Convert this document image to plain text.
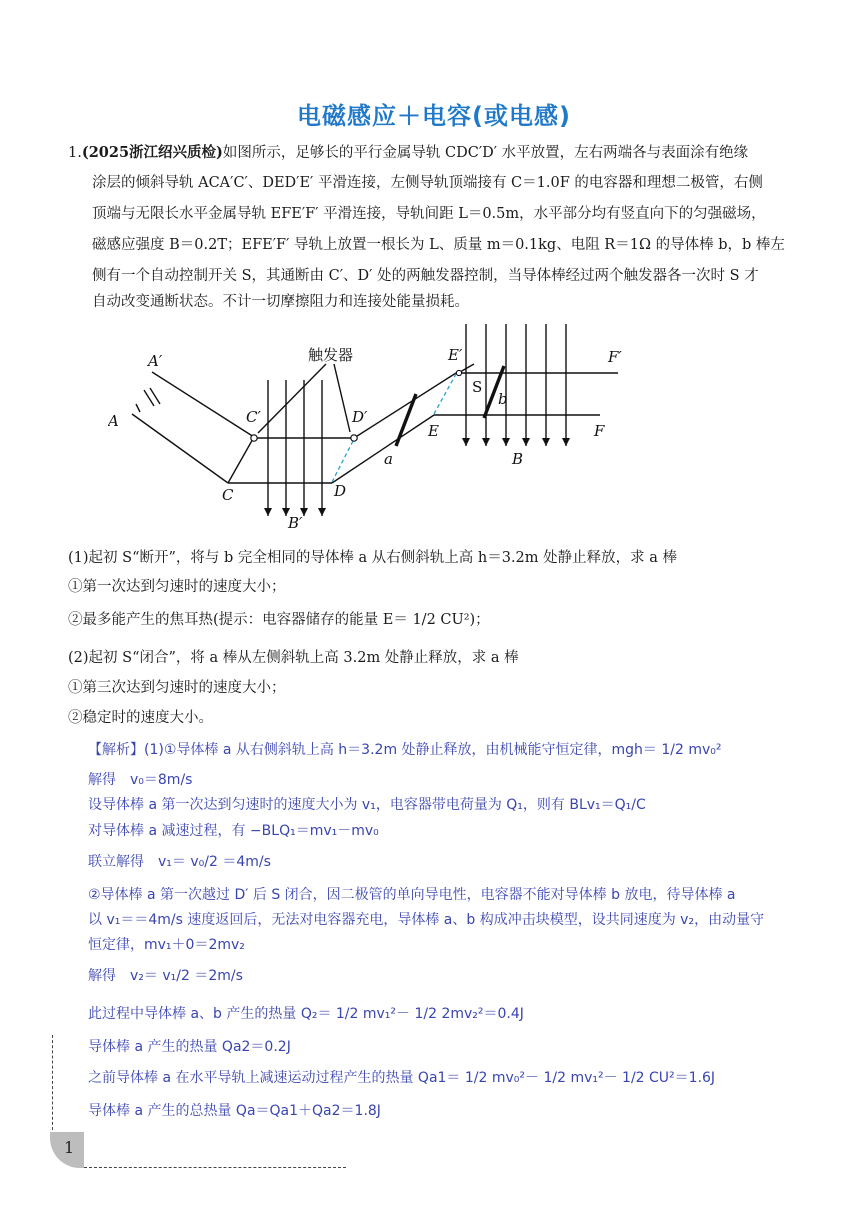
电磁感应＋电容(或电感)
1.(2025浙江绍兴质检)如图所示，足够长的平行金属导轨 CDC′D′ 水平放置，左右两端各与表面涂有绝缘
涂层的倾斜导轨 ACA′C′、DED′E′ 平滑连接，左侧导轨顶端接有 C＝1.0F 的电容器和理想二极管，右侧
顶端与无限长水平金属导轨 EFE′F′ 平滑连接，导轨间距 L＝0.5m，水平部分均有竖直向下的匀强磁场，
磁感应强度 B＝0.2T；EFE′F′ 导轨上放置一根长为 L、质量 m＝0.1kg、电阻 R＝1Ω 的导体棒 b，b 棒左
侧有一个自动控制开关 S，其通断由 C′、D′ 处的两触发器控制，当导体棒经过两个触发器各一次时 S 才
自动改变通断状态。不计一切摩擦阻力和连接处能量损耗。
A′
A	C′
C
D′
D
E′
E
F′
F
B′
B
a
b
S
触发器
(1)起初 S“断开”，将与 b 完全相同的导体棒 a 从右侧斜轨上高 h＝3.2m 处静止释放，求 a 棒
①第一次达到匀速时的速度大小；
②最多能产生的焦耳热(提示：电容器储存的能量 E＝ 1/2 CU²)；
(2)起初 S“闭合”，将 a 棒从左侧斜轨上高 3.2m 处静止释放，求 a 棒
①第三次达到匀速时的速度大小；
②稳定时的速度大小。
【解析】(1)①导体棒 a 从右侧斜轨上高 h＝3.2m 处静止释放，由机械能守恒定律，mgh＝ 1/2 mv₀²
解得　v₀＝8m/s
设导体棒 a 第一次达到匀速时的速度大小为 v₁，电容器带电荷量为 Q₁，则有 BLv₁＝Q₁/C
对导体棒 a 减速过程，有 −BLQ₁＝mv₁－mv₀
联立解得　v₁＝ v₀/2 ＝4m/s
②导体棒 a 第一次越过 D′ 后 S 闭合，因二极管的单向导电性，电容器不能对导体棒 b 放电，待导体棒 a
以 v₁＝＝4m/s 速度返回后，无法对电容器充电，导体棒 a、b 构成冲击块模型，设共同速度为 v₂，由动量守
恒定律，mv₁＋0＝2mv₂
解得　v₂＝ v₁/2 ＝2m/s
此过程中导体棒 a、b 产生的热量 Q₂＝ 1/2 mv₁²－ 1/2 2mv₂²＝0.4J
导体棒 a 产生的热量 Qa2＝0.2J
之前导体棒 a 在水平导轨上减速运动过程产生的热量 Qa1＝ 1/2 mv₀²－ 1/2 mv₁²－ 1/2 CU²＝1.6J
导体棒 a 产生的总热量 Qa＝Qa1＋Qa2＝1.8J
1
